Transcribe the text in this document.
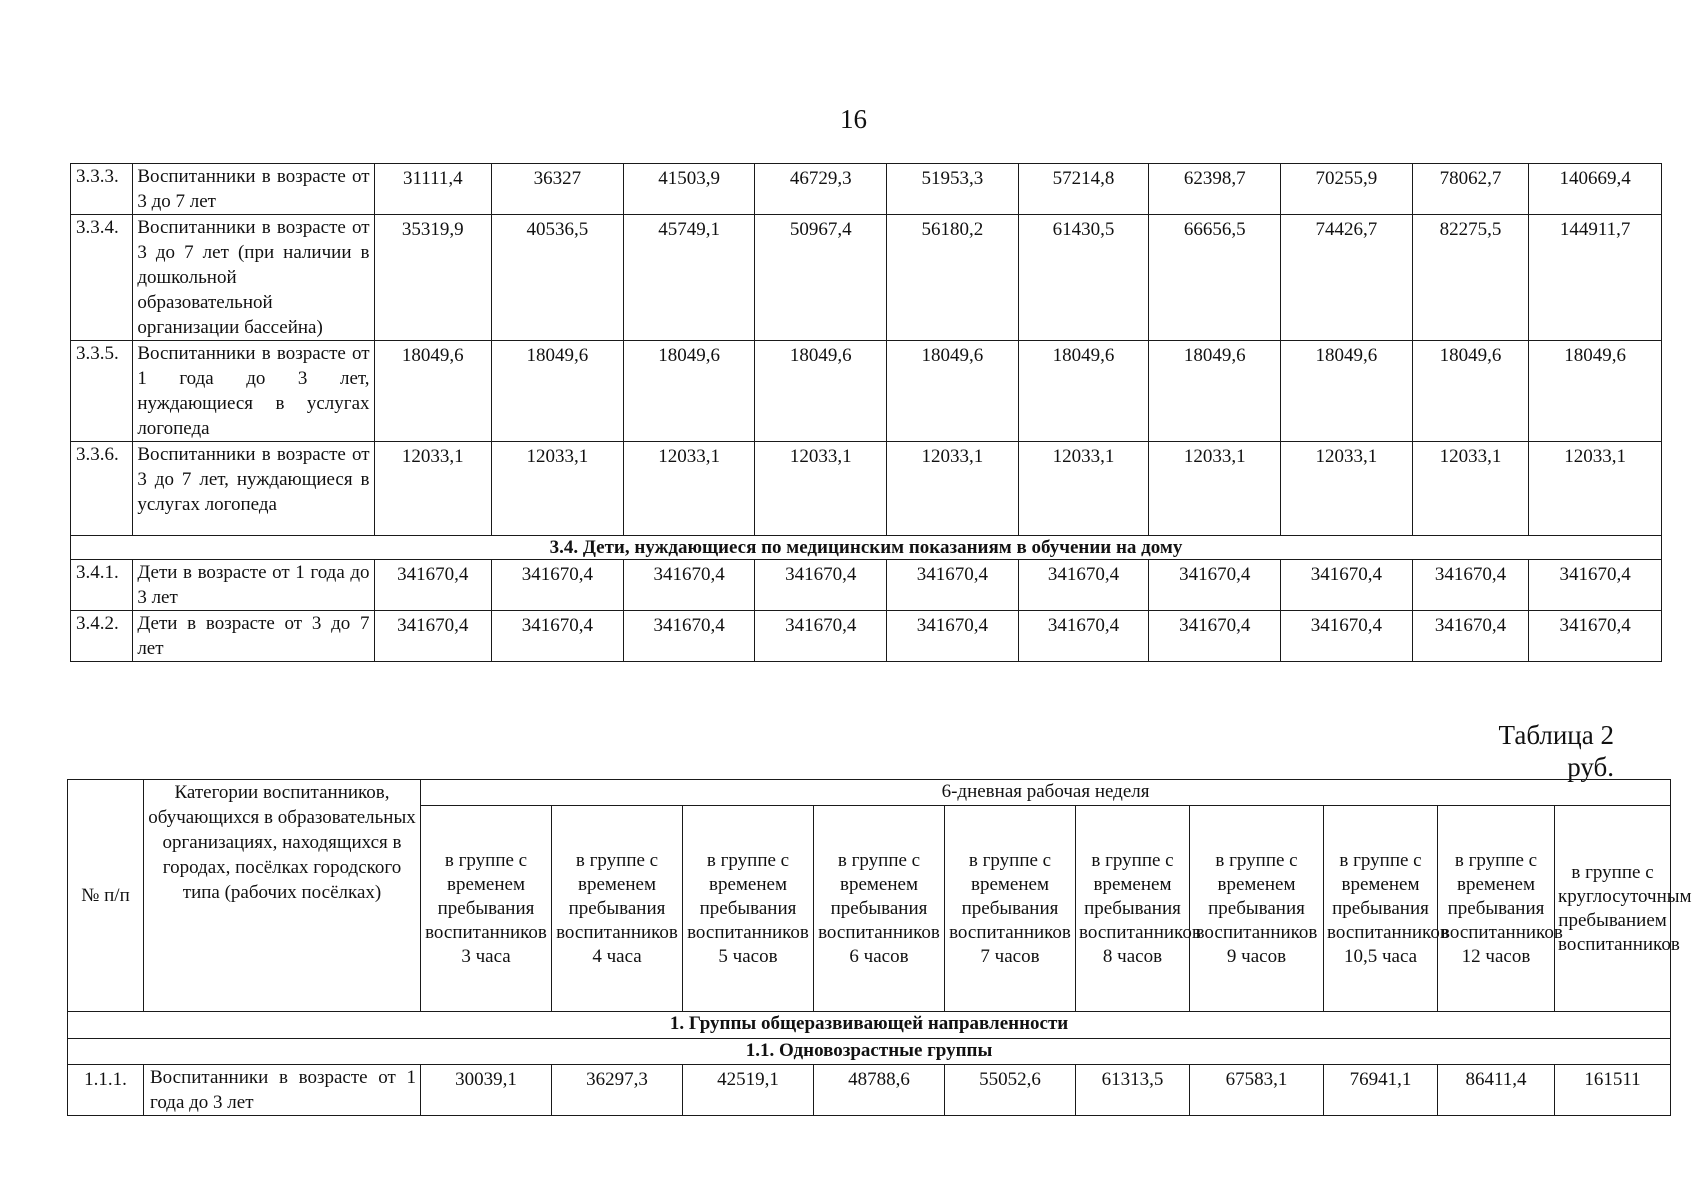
16
3.3.3.	Воспитанники в возрасте от 3 до 7 лет	31111,4	36327	41503,9	46729,3	51953,3	57214,8	62398,7	70255,9	78062,7	140669,4
3.3.4.	Воспитанники в возрасте от 3 до 7 лет (при наличии в дошкольной образовательной организации бассейна)	35319,9	40536,5	45749,1	50967,4	56180,2	61430,5	66656,5	74426,7	82275,5	144911,7
3.3.5.	Воспитанники в возрасте от 1 года до 3 лет, нуждающиеся в услугах логопеда	18049,6	18049,6	18049,6	18049,6	18049,6	18049,6	18049,6	18049,6	18049,6	18049,6
3.3.6.	Воспитанники в возрасте от 3 до 7 лет, нуждающиеся в услугах логопеда	12033,1	12033,1	12033,1	12033,1	12033,1	12033,1	12033,1	12033,1	12033,1	12033,1
3.4. Дети, нуждающиеся по медицинским показаниям в обучении на дому											
3.4.1.	Дети в возрасте от 1 года до 3 лет	341670,4	341670,4	341670,4	341670,4	341670,4	341670,4	341670,4	341670,4	341670,4	341670,4
3.4.2.	Дети в возрасте от 3 до 7 лет	341670,4	341670,4	341670,4	341670,4	341670,4	341670,4	341670,4	341670,4	341670,4	341670,4
Таблица 2
руб.
№ п/п	Категории воспитанников, обучающихся в образовательных организациях, находящихся в городах, посёлках городского типа (рабочих посёлках)	6-дневная рабочая неделя									
		в группе с временем пребывания воспитанников 3 часа	в группе с временем пребывания воспитанников 4 часа	в группе с временем пребывания воспитанников 5 часов	в группе с временем пребывания воспитанников 6 часов	в группе с временем пребывания воспитанников 7 часов	в группе с временем пребывания воспитанников 8 часов	в группе с временем пребывания воспитанников 9 часов	в группе с временем пребывания воспитанников 10,5 часа	в группе с временем пребывания воспитанников 12 часов	в группе с круглосуточным пребыванием воспитанников
1. Группы общеразвивающей направленности											
1.1. Одновозрастные группы											
1.1.1.	Воспитанники в возрасте от 1 года до 3 лет	30039,1	36297,3	42519,1	48788,6	55052,6	61313,5	67583,1	76941,1	86411,4	161511
